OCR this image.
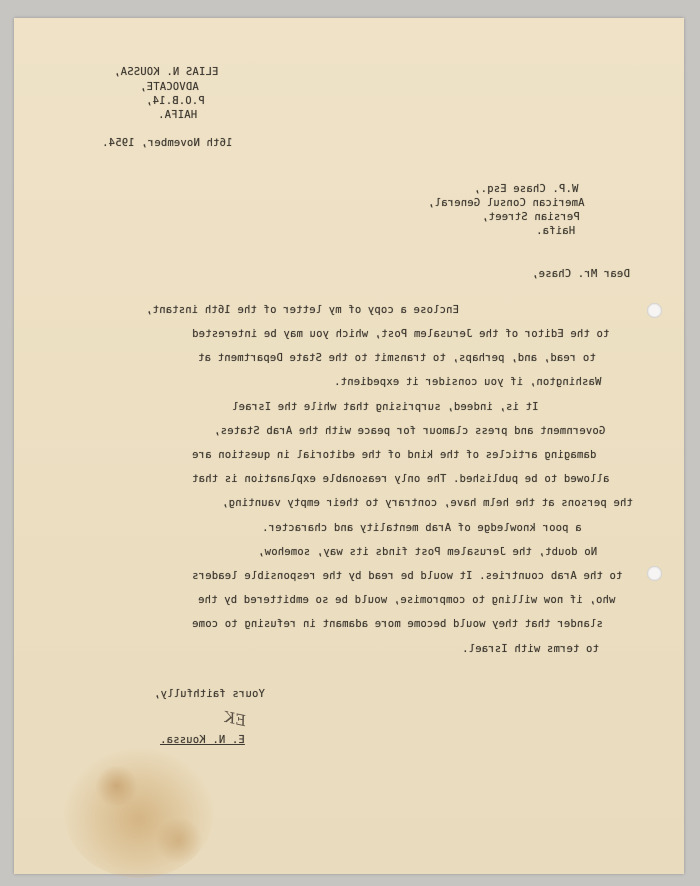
ELIAS N. KOUSSA,
ADVOCATE,
P.O.B.14,
HAIFA.
16th November, 1954.
W.P. Chase Esq.,
American Consul General,
Persian Street,
Haifa.
Dear Mr. Chase,
Enclose a copy of my letter of the 16th instant,
to the Editor of the Jerusalem Post, which you may be interested
to read, and, perhaps, to transmit to the State Department at
Washington, if you consider it expedient.
It is, indeed, surprising that while the Israel
Government and press clamour for peace with the Arab States,
damaging articles of the kind of the editorial in question are
allowed to be published. The only reasonable explanation is that
the persons at the helm have, contrary to their empty vaunting,
a poor knowledge of Arab mentality and character.
No doubt, the Jerusalem Post finds its way, somehow,
to the Arab countries. It would be read by the responsible leaders
who, if now willing to compromise, would be so embittered by the
slander that they would become more adamant in refusing to come
to terms with Israel.
Yours faithfully,
EK
E. N. Koussa.
